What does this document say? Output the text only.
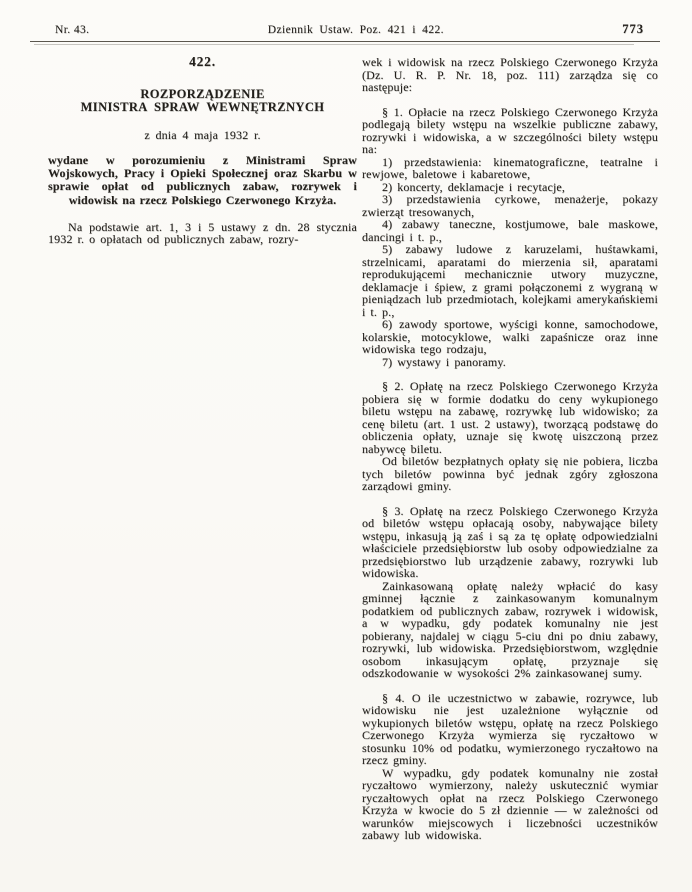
Nr. 43.	Dziennik Ustaw. Poz. 421 i 422.	773
422.
ROZPORZĄDZENIE
MINISTRA SPRAW WEWNĘTRZNYCH
z dnia 4 maja 1932 r.

wydane w porozumieniu z Ministrami Spraw Wojskowych, Pracy i Opieki Społecznej oraz Skarbu w sprawie opłat od publicznych zabaw, rozrywek i widowisk na rzecz Polskiego Czerwonego Krzyża.

Na podstawie art. 1, 3 i 5 ustawy z dn. 28 stycznia 1932 r. o opłatach od publicznych zabaw, rozry-

wek i widowisk na rzecz Polskiego Czerwonego Krzyża (Dz. U. R. P. Nr. 18, poz. 111) zarządza się co następuje:

§ 1. Opłacie na rzecz Polskiego Czerwonego Krzyża podlegają bilety wstępu na wszelkie publiczne zabawy, rozrywki i widowiska, a w szczególności bilety wstępu na:

1) przedstawienia: kinematograficzne, teatralne i rewjowe, baletowe i kabaretowe,

2) koncerty, deklamacje i recytacje,

3) przedstawienia cyrkowe, menażerje, pokazy zwierząt tresowanych,

4) zabawy taneczne, kostjumowe, bale maskowe, dancingi i t. p.,

5) zabawy ludowe z karuzelami, huśtawkami, strzelnicami, aparatami do mierzenia sił, aparatami reprodukującemi mechanicznie utwory muzyczne, deklamacje i śpiew, z grami połączonemi z wygraną w pieniądzach lub przedmiotach, kolejkami amerykańskiemi i t. p.,

6) zawody sportowe, wyścigi konne, samochodowe, kolarskie, motocyklowe, walki zapaśnicze oraz inne widowiska tego rodzaju,

7) wystawy i panoramy.

§ 2. Opłatę na rzecz Polskiego Czerwonego Krzyża pobiera się w formie dodatku do ceny wykupionego biletu wstępu na zabawę, rozrywkę lub widowisko; za cenę biletu (art. 1 ust. 2 ustawy), tworzącą podstawę do obliczenia opłaty, uznaje się kwotę uiszczoną przez nabywcę biletu.

Od biletów bezpłatnych opłaty się nie pobiera, liczba tych biletów powinna być jednak zgóry zgłoszona zarządowi gminy.

§ 3. Opłatę na rzecz Polskiego Czerwonego Krzyża od biletów wstępu opłacają osoby, nabywające bilety wstępu, inkasują ją zaś i są za tę opłatę odpowiedzialni właściciele przedsiębiorstw lub osoby odpowiedzialne za przedsiębiorstwo lub urządzenie zabawy, rozrywki lub widowiska.

Zainkasowaną opłatę należy wpłacić do kasy gminnej łącznie z zainkasowanym komunalnym podatkiem od publicznych zabaw, rozrywek i widowisk, a w wypadku, gdy podatek komunalny nie jest pobierany, najdalej w ciągu 5-ciu dni po dniu zabawy, rozrywki, lub widowiska. Przedsiębiorstwom, względnie osobom inkasującym opłatę, przyznaje się odszkodowanie w wysokości 2% zainkasowanej sumy.

§ 4. O ile uczestnictwo w zabawie, rozrywce, lub widowisku nie jest uzależnione wyłącznie od wykupionych biletów wstępu, opłatę na rzecz Polskiego Czerwonego Krzyża wymierza się ryczałtowo w stosunku 10% od podatku, wymierzonego ryczałtowo na rzecz gminy.

W wypadku, gdy podatek komunalny nie został ryczałtowo wymierzony, należy uskutecznić wymiar ryczałtowych opłat na rzecz Polskiego Czerwonego Krzyża w kwocie do 5 zł dziennie — w zależności od warunków miejscowych i liczebności uczestników zabawy lub widowiska.
